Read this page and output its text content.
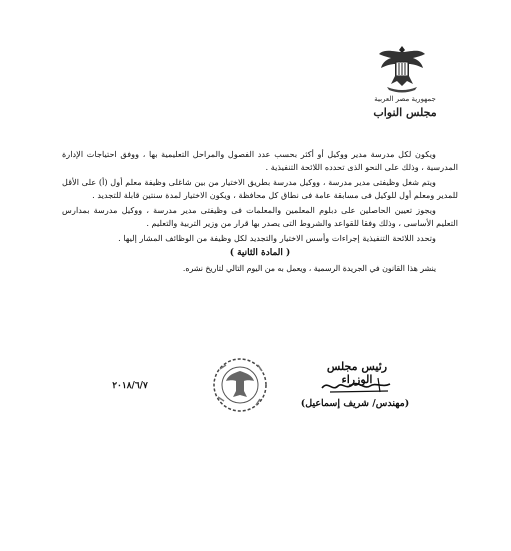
جمهورية مصر العربية
مجلس النواب

ويكون لكل مدرسة مدير ووكيل أو أكثر بحسب عدد الفصول والمراحل التعليمية بها ، ووفق احتياجات الإدارة المدرسية ، وذلك على النحو الذى تحدده اللائحة التنفيذية .

ويتم شغل وظيفتى مدير مدرسة ، ووكيل مدرسة بطريق الاختيار من بين شاغلى وظيفة معلم أول (أ) على الأقل للمدير ومعلم أول للوكيل فى مسابقة عامة فى نطاق كل محافظة ، ويكون الاختيار لمدة سنتين قابلة للتجديد .

ويجوز تعيين الحاصلين على دبلوم المعلمين والمعلمات فى وظيفتى مدير مدرسة ، ووكيل مدرسة بمدارس التعليم الأساسى ، وذلك وفقا للقواعد والشروط التى يصدر بها قرار من وزير التربية والتعليم .

وتحدد اللائحة التنفيذية إجراءات وأسس الاختيار والتجديد لكل وظيفة من الوظائف المشار إليها .

( المادة الثانية )

ينشر هذا القانون في الجريدة الرسمية ، ويعمل به من اليوم التالي لتاريخ نشره.

رئيس مجلس الوزراء
(مهندس/ شريف إسماعيل)
٢٠١٨/٦/٧
